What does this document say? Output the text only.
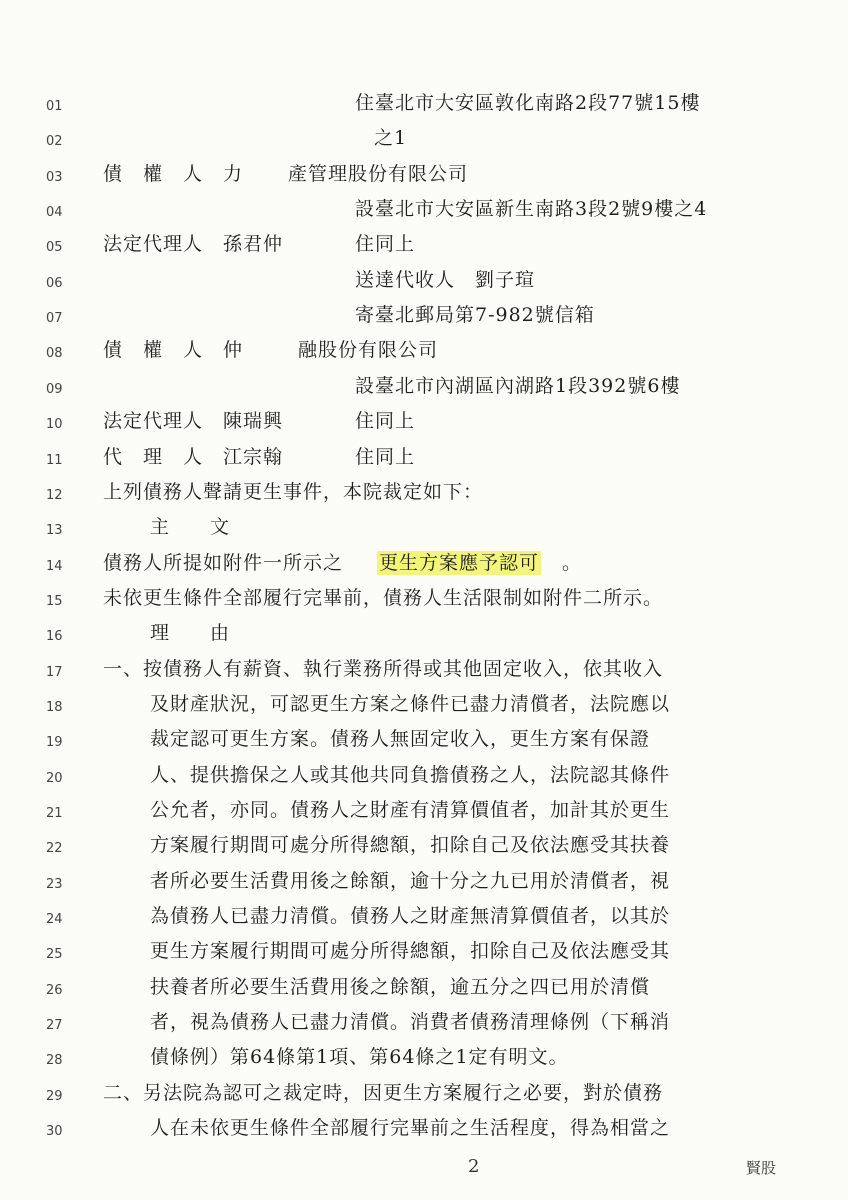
01	住臺北市大安區敦化南路2段77號15樓
02	之1
03	債　權　人　力 產管理股份有限公司
04	設臺北市大安區新生南路3段2號9樓之4
05	法定代理人　孫君仲	住同上
06	送達代收人　劉子瑄
07	寄臺北郵局第7-982號信箱
08	債　權　人　仲	融股份有限公司
09	設臺北市內湖區內湖路1段392號6樓
10	法定代理人　陳瑞興	住同上
11	代　理　人　江宗翰	住同上
12	上列債務人聲請更生事件，本院裁定如下：
13	主　　文
14	債務人所提如附件一所示之 更生方案應予認可 。
15	未依更生條件全部履行完畢前，債務人生活限制如附件二所示。
16	理　　由
17	一、按債務人有薪資、執行業務所得或其他固定收入，依其收入
18	及財產狀況，可認更生方案之條件已盡力清償者，法院應以
19	裁定認可更生方案。債務人無固定收入，更生方案有保證
20	人、提供擔保之人或其他共同負擔債務之人，法院認其條件
21	公允者，亦同。債務人之財產有清算價值者，加計其於更生
22	方案履行期間可處分所得總額，扣除自己及依法應受其扶養
23	者所必要生活費用後之餘額，逾十分之九已用於清償者，視
24	為債務人已盡力清償。債務人之財產無清算價值者，以其於
25	更生方案履行期間可處分所得總額，扣除自己及依法應受其
26	扶養者所必要生活費用後之餘額，逾五分之四已用於清償
27	者，視為債務人已盡力清償。消費者債務清理條例（下稱消
28	債條例）第64條第1項、第64條之1定有明文。
29	二、另法院為認可之裁定時，因更生方案履行之必要，對於債務
30	人在未依更生條件全部履行完畢前之生活程度，得為相當之
2	賢股
